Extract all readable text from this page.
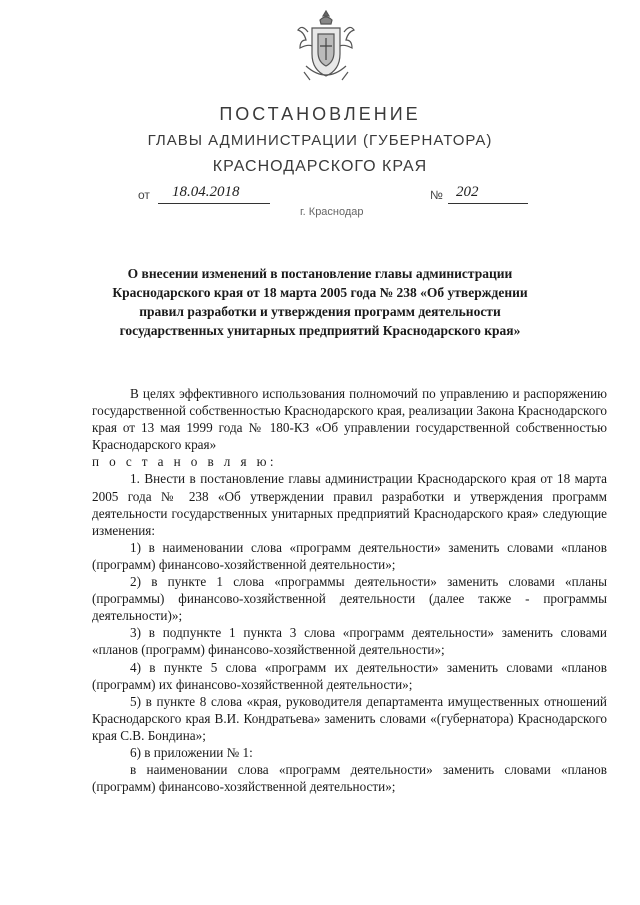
ПОСТАНОВЛЕНИЕ
ГЛАВЫ АДМИНИСТРАЦИИ (ГУБЕРНАТОРА)
КРАСНОДАРСКОГО КРАЯ
от 18.04.2018	№ 202
г. Краснодар
О внесении изменений в постановление главы администрации
Краснодарского края от 18 марта 2005 года № 238 «Об утверждении
правил разработки и утверждения программ деятельности
государственных унитарных предприятий Краснодарского края»

В целях эффективного использования полномочий по управлению и распоряжению государственной собственностью Краснодарского края, реализации Закона Краснодарского края от 13 мая 1999 года № 180-КЗ «Об управлении государственной собственностью Краснодарского края»

п о с т а н о в л я ю:

1. Внести в постановление главы администрации Краснодарского края от 18 марта 2005 года № 238 «Об утверждении правил разработки и утверждения программ деятельности государственных унитарных предприятий Краснодарского края» следующие изменения:

1) в наименовании слова «программ деятельности» заменить словами «планов (программ) финансово-хозяйственной деятельности»;

2) в пункте 1 слова «программы деятельности» заменить словами «планы (программы) финансово-хозяйственной деятельности (далее также - программы деятельности)»;

3) в подпункте 1 пункта 3 слова «программ деятельности» заменить словами «планов (программ) финансово-хозяйственной деятельности»;

4) в пункте 5 слова «программ их деятельности» заменить словами «планов (программ) их финансово-хозяйственной деятельности»;

5) в пункте 8 слова «края, руководителя департамента имущественных отношений Краснодарского края В.И. Кондратьева» заменить словами «(губернатора) Краснодарского края С.В. Бондина»;

6) в приложении № 1:

в наименовании слова «программ деятельности» заменить словами «планов (программ) финансово-хозяйственной деятельности»;
